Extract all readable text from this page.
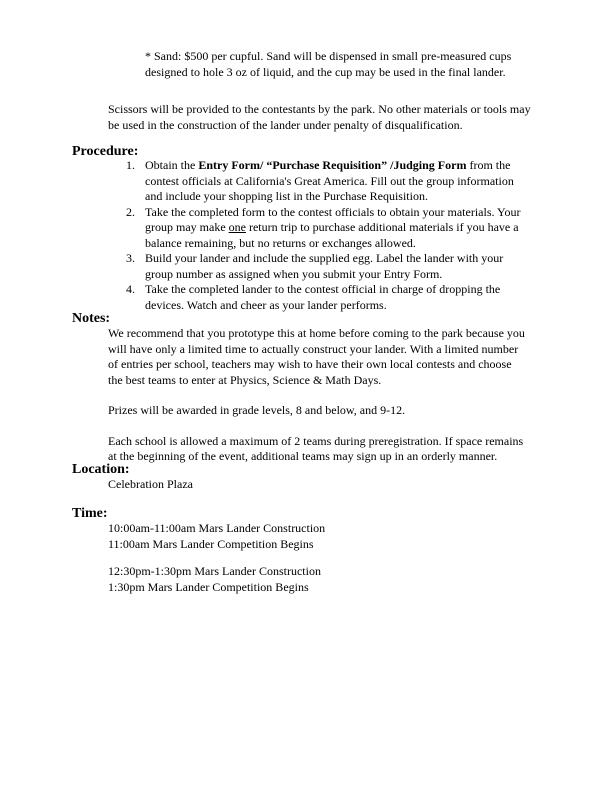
* Sand: $500 per cupful. Sand will be dispensed in small pre-measured cups designed to hole 3 oz of liquid, and the cup may be used in the final lander.

Scissors will be provided to the contestants by the park. No other materials or tools may be used in the construction of the lander under penalty of disqualification.

Procedure:
1. Obtain the Entry Form/ “Purchase Requisition” /Judging Form from the contest officials at California's Great America. Fill out the group information and include your shopping list in the Purchase Requisition.
2. Take the completed form to the contest officials to obtain your materials. Your group may make one return trip to purchase additional materials if you have a balance remaining, but no returns or exchanges allowed.
3. Build your lander and include the supplied egg. Label the lander with your group number as assigned when you submit your Entry Form.
4. Take the completed lander to the contest official in charge of dropping the devices. Watch and cheer as your lander performs.
Notes:

We recommend that you prototype this at home before coming to the park because you will have only a limited time to actually construct your lander. With a limited number of entries per school, teachers may wish to have their own local contests and choose the best teams to enter at Physics, Science & Math Days.

Prizes will be awarded in grade levels, 8 and below, and 9-12.

Each school is allowed a maximum of 2 teams during preregistration. If space remains at the beginning of the event, additional teams may sign up in an orderly manner.

Location:

Celebration Plaza

Time:
10:00am-11:00am Mars Lander Construction
11:00am Mars Lander Competition Begins
12:30pm-1:30pm Mars Lander Construction
1:30pm Mars Lander Competition Begins
